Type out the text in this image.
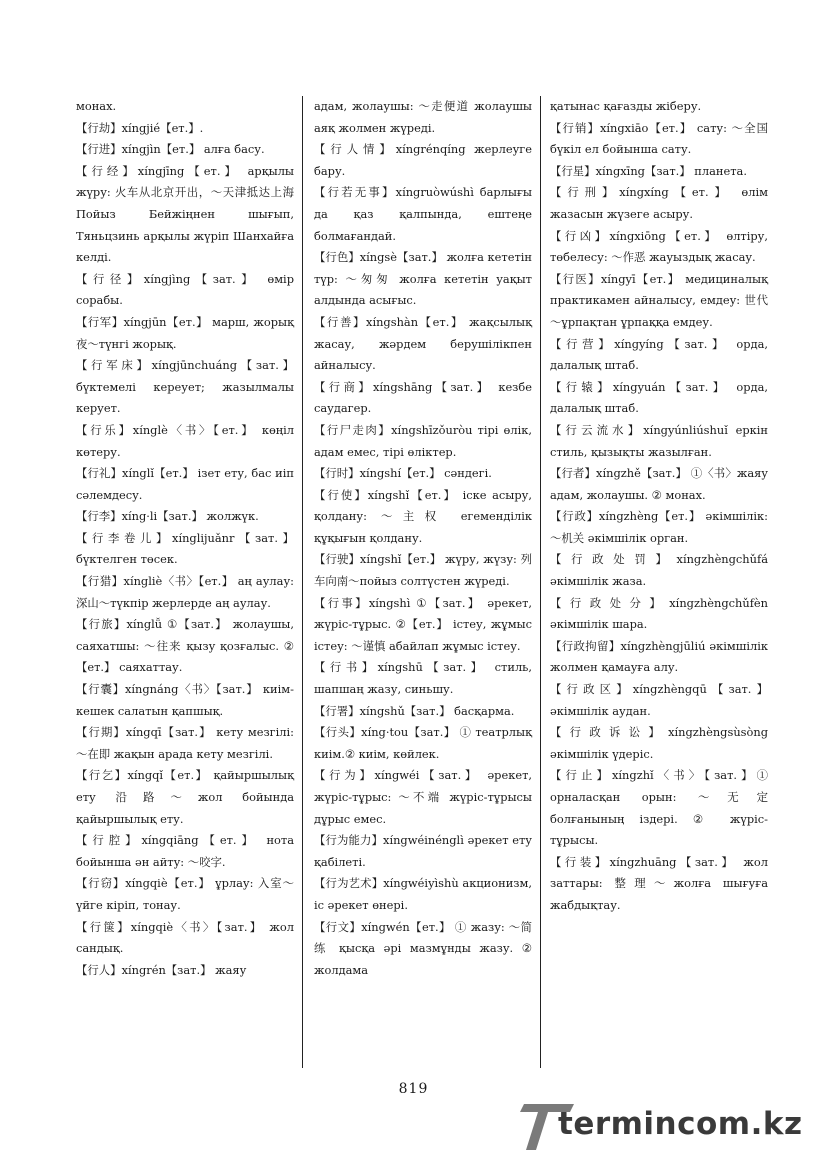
монах.

【行劫】xíngjié【ет.】.

【行进】xíngjìn【ет.】 алға басу.

【行经】xíngjīng【ет.】 арқылы жүру: 火车从北京开出，～天津抵达上海 Пойыз Бейжіңнен шығып, Тяньцзинь арқылы жүріп Шанхайға келді.

【行径】xíngjìng【зат.】 өмір сорабы.

【行军】xíngjūn【ет.】 марш, жорық 夜～түнгі жорық.

【行军床】xíngjūnchuáng【зат.】 бүктемелі кереует; жазылмалы керует.

【行乐】xínglè〈书〉【ет.】 көңіл көтеру.

【行礼】xínglǐ【ет.】 ізет ету, бас иіп сәлемдесу.

【行李】xíng·li【зат.】 жолжүк.

【行李卷儿】xínglijuǎnr【зат.】 бүктелген төсек.

【行猎】xíngliè〈书〉【ет.】 аң аулау: 深山～түкпір жерлерде аң аулау.

【行旅】xínglǚ ①【зат.】 жолаушы, саяхатшы: ～往来 қызу қозғалыс. ②【ет.】 саяхаттау.

【行囊】xíngnáng〈书〉【зат.】 киім-кешек салатын қапшық.

【行期】xíngqī【зат.】 кету мезгілі: ～在即 жақын арада кету мезгілі.

【行乞】xíngqǐ【ет.】 қайыршылық ету 沿路～жол бойында қайыршылық ету.

【行腔】xíngqiāng【ет.】 нота бойынша ән айту: ～咬字.

【行窃】xíngqiè【ет.】 ұрлау: 入室～үйге кіріп, тонау.

【行箧】xíngqiè〈书〉【зат.】 жол сандық.

【行人】xíngrén【зат.】 жаяу

адам, жолаушы: ～走便道 жолаушы аяқ жолмен жүреді.

【行人情】xíngrénqíng жерлеуге бару.

【行若无事】xíngruòwúshì барлығы да қаз қалпында, ештеңе болмағандай.

【行色】xíngsè【зат.】 жолға кететін түр: ～匆匆 жолға кететін уақыт алдында асығыс.

【行善】xíngshàn【ет.】 жақсылық жасау, жәрдем берушілікпен айналысу.

【行商】xíngshāng【зат.】 кезбе саудагер.

【行尸走肉】xíngshīzǒuròu тірі өлік, адам емес, тірі өліктер.

【行时】xíngshí【ет.】 сәндегі.

【行使】xíngshǐ【ет.】 іске асыру, қолдану: ～主权 егемендiлік құқығын қолдану.

【行驶】xíngshǐ【ет.】 жүру, жүзу: 列车向南～пойыз солтүстен жүреді.

【行事】xíngshì ①【зат.】 әрекет, жүріс-тұрыс. ②【ет.】 істеу, жұмыс істеу: ～谨慎 абайлап жұмыс істеу.

【行书】xíngshū【зат.】 стиль, шапшаң жазу, синьшу.

【行署】xíngshǔ【зат.】 басқарма.

【行头】xíng·tou【зат.】 ① театрлық киім.② киім, көйлек.

【行为】xíngwéi【зат.】 әрекет, жүріс-тұрыс: ～不端 жүріс-тұрысы дұрыс емес.

【行为能力】xíngwéinénglì әрекет ету қабілеті.

【行为艺术】xíngwéiyìshù акционизм, іс әрекет өнері.

【行文】xíngwén【ет.】 ① жазу: ～简练 қысқа әрі мазмұнды жазу. ② жолдама

қатынас қағазды жіберу.

【行销】xíngxiāo【ет.】 сату: ～全国 бүкіл ел бойынша сату.

【行星】xíngxīng【зат.】 планета.

【行刑】xíngxíng【ет.】 өлім жазасын жүзеге асыру.

【行凶】xíngxiōng【ет.】 өлтіру, төбелесу: ～作恶 жауыздық жасау.

【行医】xíngyī【ет.】 медициналық практикамен айналысу, емдеу: 世代～ұрпақтан ұрпаққа емдеу.

【行营】xíngyíng【зат.】 орда, далалық штаб.

【行辕】xíngyuán【зат.】 орда, далалық штаб.

【行云流水】xíngyúnliúshuǐ еркін стиль, қызықты жазылған.

【行者】xíngzhě【зат.】 ①〈书〉жаяу адам, жолаушы. ② монах.

【行政】xíngzhèng【ет.】 әкімшілік: ～机关 әкімшілік орган.

【行政处罚】xíngzhèngchǔfá әкімшілік жаза.

【行政处分】xíngzhèngchǔfèn әкімшілік шара.

【行政拘留】xíngzhèngjūliú әкімшілік жолмен қамауға алу.

【行政区】xíngzhèngqū【зат.】 әкімшілік аудан.

【行政诉讼】xíngzhèngsùsòng әкімшілік үдеріс.

【行止】xíngzhǐ〈书〉【зат.】① орналасқан орын: ～无定 болғанының іздері. ② жүріс-тұрысы.

【行装】xíngzhuāng【зат.】 жол заттары: 整理～жолға шығуға жабдықтау.

819
termincom.kz
